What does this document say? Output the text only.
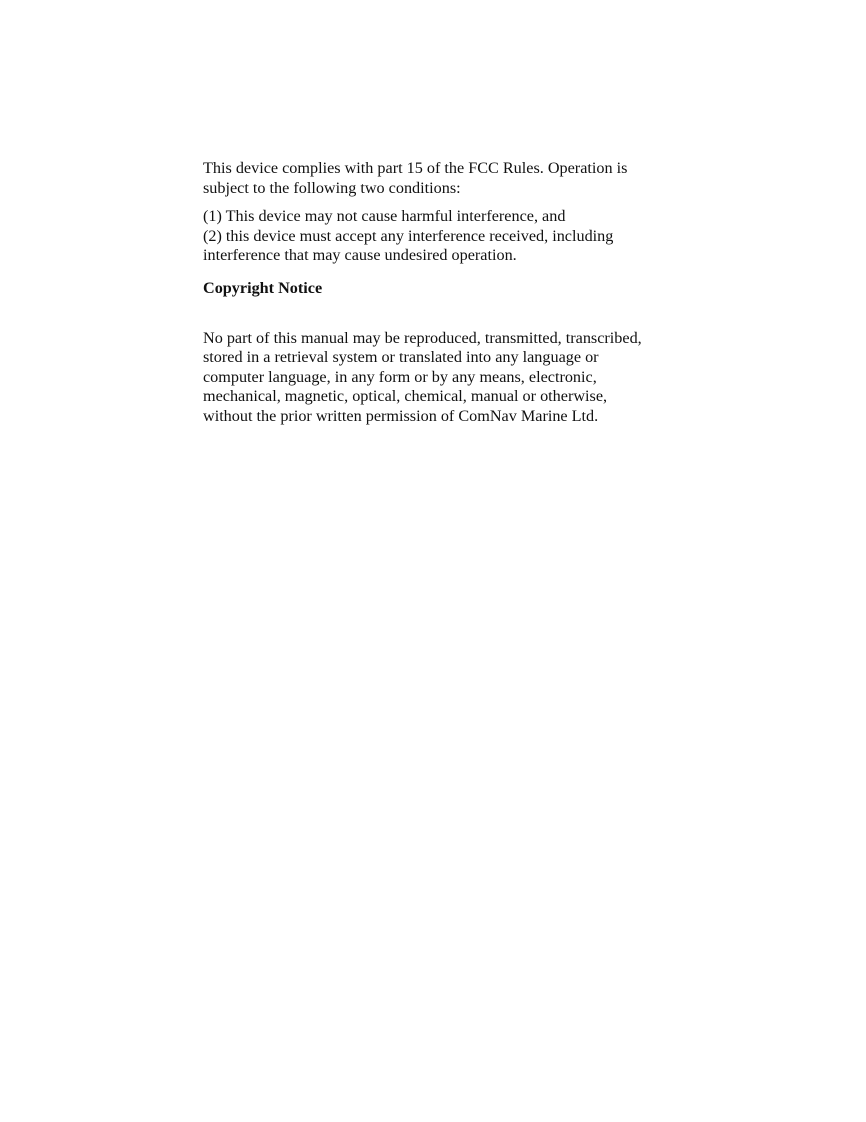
This device complies with part 15 of the FCC Rules. Operation is
subject to the following two conditions:

(1) This device may not cause harmful interference, and
(2) this device must accept any interference received, including
interference that may cause undesired operation.

Copyright Notice

No part of this manual may be reproduced, transmitted, transcribed,
stored in a retrieval system or translated into any language or
computer language, in any form or by any means, electronic,
mechanical, magnetic, optical, chemical, manual or otherwise,
without the prior written permission of ComNav Marine Ltd.
